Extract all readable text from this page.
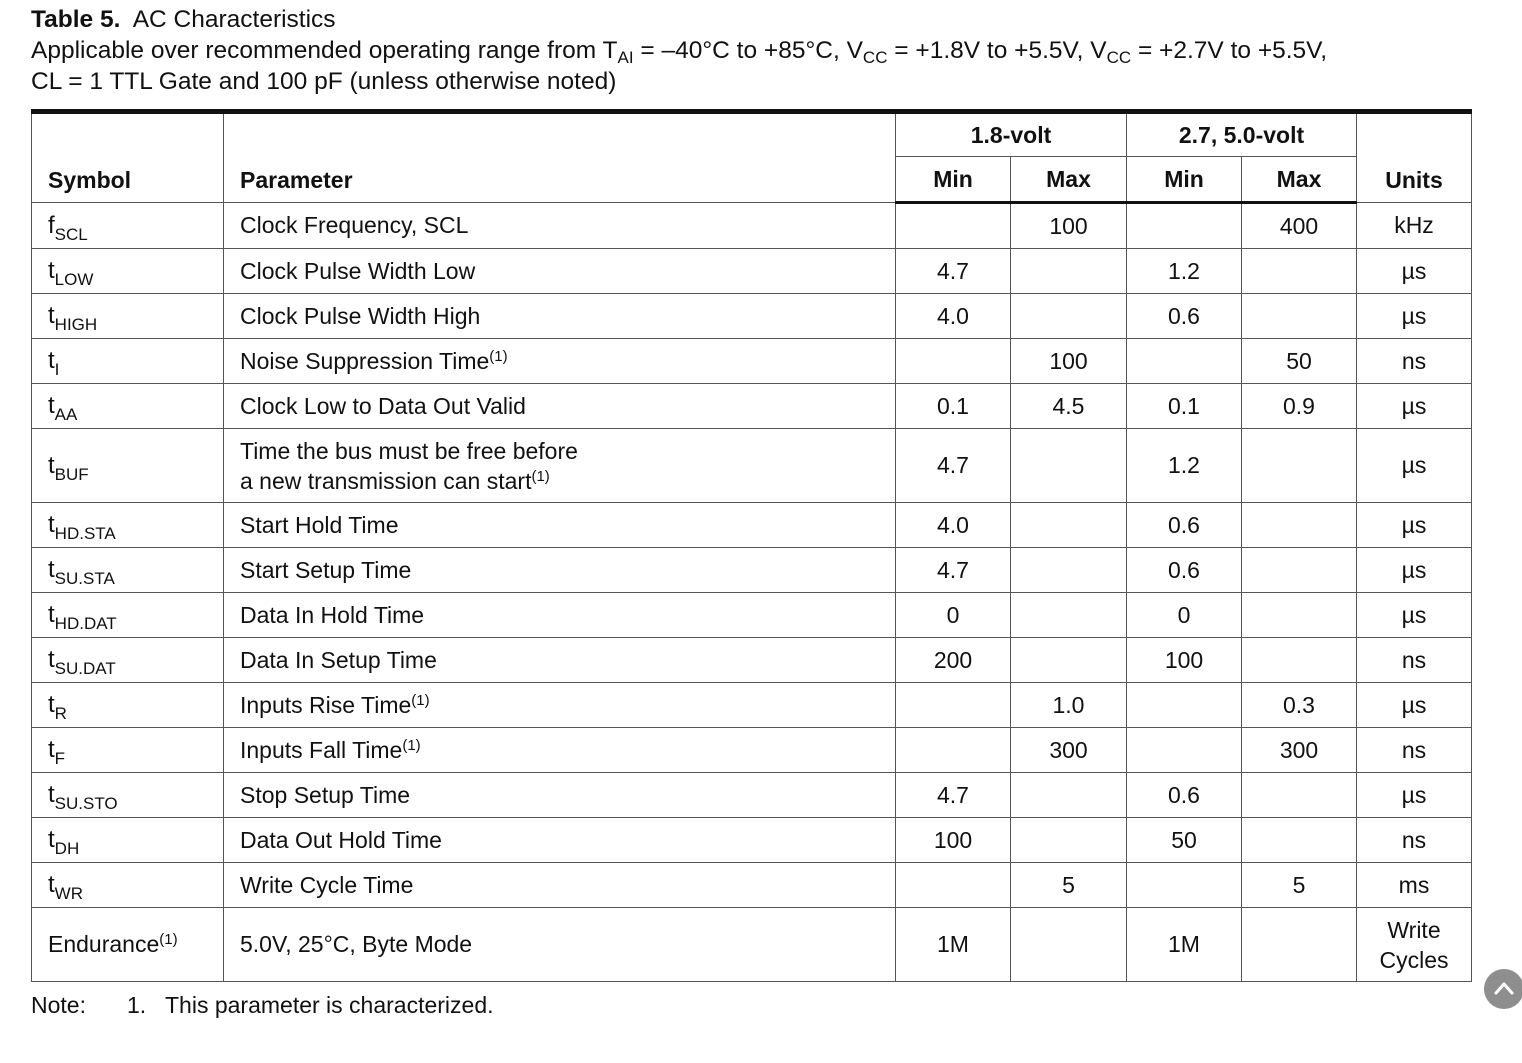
Table 5. AC Characteristics
Applicable over recommended operating range from $T_{AI} = -40^\circ C$ to +85°C, $V_{CC} = +1.8V$ to +5.5V, $V_{CC} = +2.7V$ to +5.5V,
CL = 1 TTL Gate and 100 pF (unless otherwise noted)
Symbol	Parameter	1.8-volt		2.7, 5.0-volt		Units
		Min	Max	Min	Max	
$f_{SCL}$	Clock Frequency, SCL		100		400	kHz
$t_{LOW}$	Clock Pulse Width Low	4.7		1.2		µs
$t_{HIGH}$	Clock Pulse Width High	4.0		0.6		µs
$t_I$	Noise Suppression Time$^{(1)}$		100		50	ns
$t_{AA}$	Clock Low to Data Out Valid	0.1	4.5	0.1	0.9	µs
$t_{BUF}$	Time the bus must be free before
a new transmission can start$^{(1)}$	4.7		1.2		µs
$t_{HD.STA}$	Start Hold Time	4.0		0.6		µs
$t_{SU.STA}$	Start Setup Time	4.7		0.6		µs
$t_{HD.DAT}$	Data In Hold Time	0		0		µs
$t_{SU.DAT}$	Data In Setup Time	200		100		ns
$t_R$	Inputs Rise Time$^{(1)}$		1.0		0.3	µs
$t_F$	Inputs Fall Time$^{(1)}$		300		300	ns
$t_{SU.STO}$	Stop Setup Time	4.7		0.6		µs
$t_{DH}$	Data Out Hold Time	100		50		ns
$t_{WR}$	Write Cycle Time		5		5	ms
Endurance$^{(1)}$	5.0V, 25°C, Byte Mode	1M		1M		Write
Cycles
Note: 1. This parameter is characterized.
